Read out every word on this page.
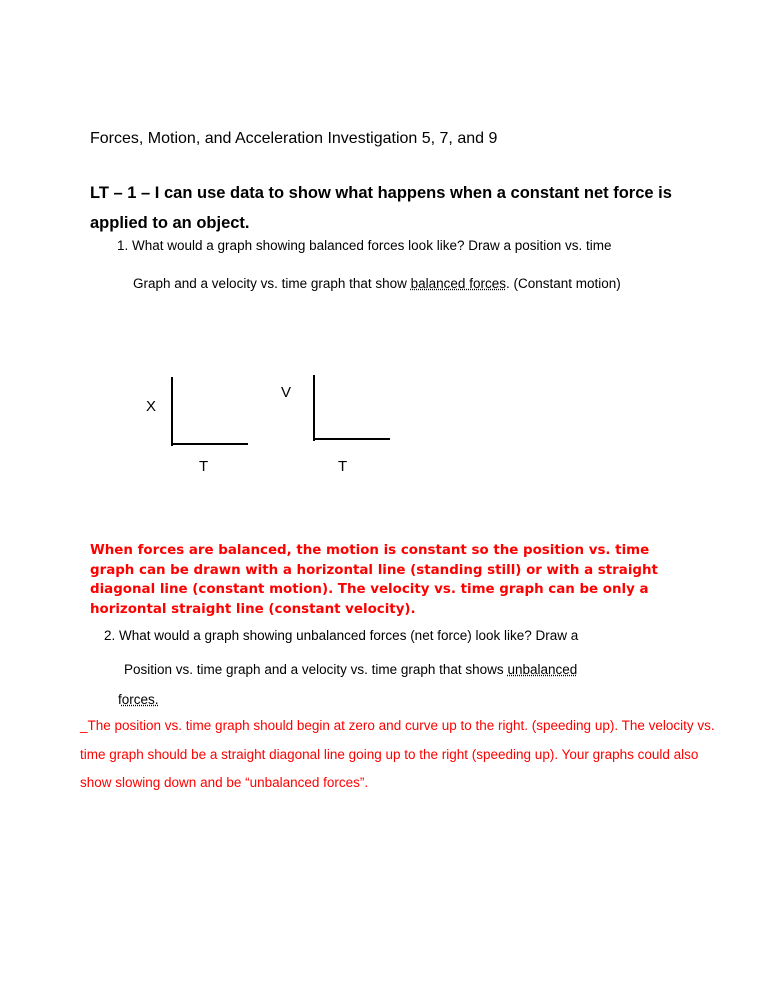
Forces, Motion, and Acceleration Investigation 5, 7, and 9
LT – 1 – I can use data to show what happens when a constant net force is
applied to an object.
1. What would a graph showing balanced forces look like? Draw a position vs. time
Graph and a velocity vs. time graph that show balanced forces. (Constant motion)
X
T
V
T
When forces are balanced, the motion is constant so the position vs. time graph can be drawn with a horizontal line (standing still) or with a straight diagonal line (constant motion). The velocity vs. time graph can be only a horizontal straight line (constant velocity).
2. What would a graph showing unbalanced forces (net force) look like? Draw a
Position vs. time graph and a velocity vs. time graph that shows unbalanced
forces.
_The position vs. time graph should begin at zero and curve up to the right. (speeding up). The velocity vs. time graph should be a straight diagonal line going up to the right (speeding up). Your graphs could also show slowing down and be “unbalanced forces”.
